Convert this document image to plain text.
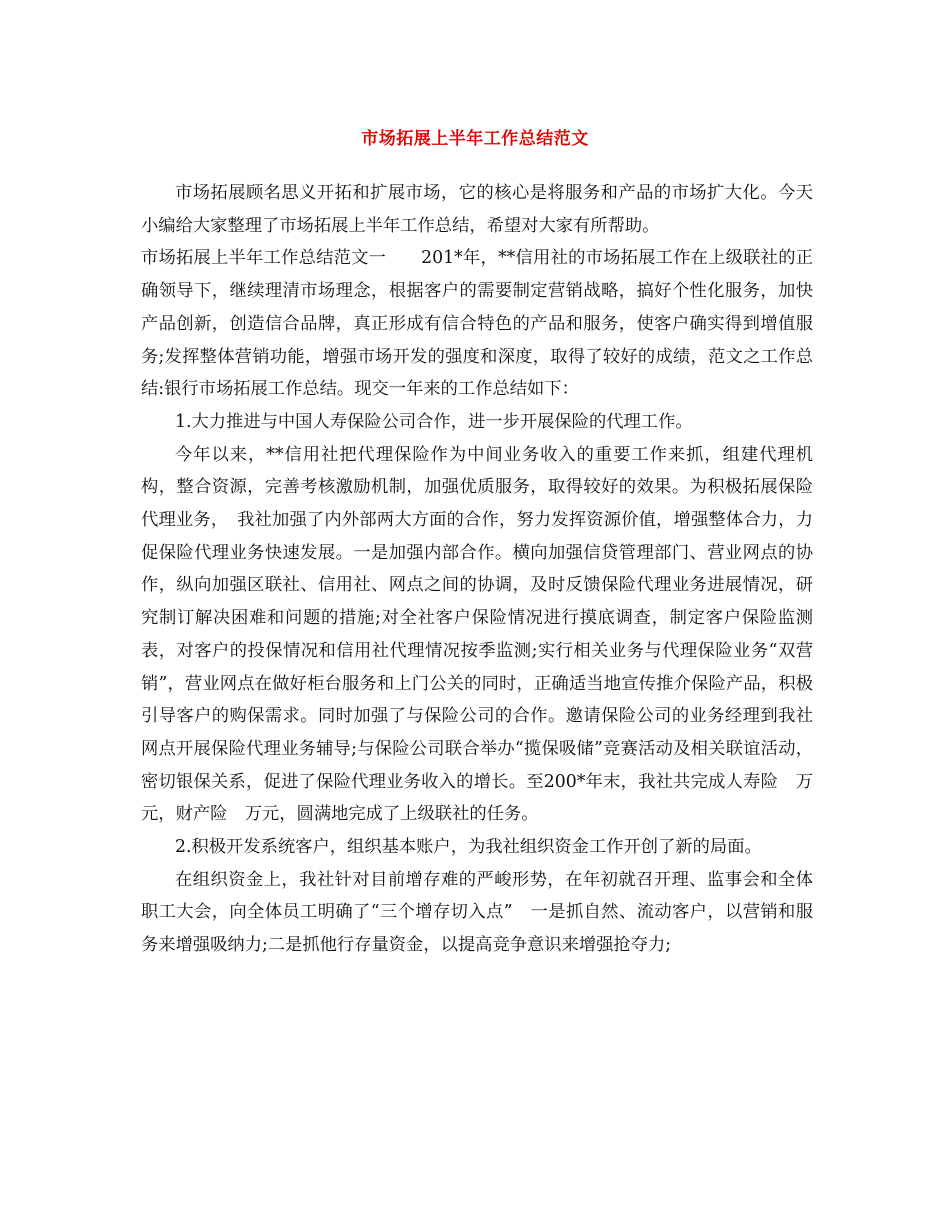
市场拓展上半年工作总结范文

市场拓展顾名思义开拓和扩展市场，它的核心是将服务和产品的市场扩大化。今天小编给大家整理了市场拓展上半年工作总结，希望对大家有所帮助。

市场拓展上半年工作总结范文一　　201*年，**信用社的市场拓展工作在上级联社的正确领导下，继续理清市场理念，根据客户的需要制定营销战略，搞好个性化服务，加快产品创新，创造信合品牌，真正形成有信合特色的产品和服务，使客户确实得到增值服务;发挥整体营销功能，增强市场开发的强度和深度，取得了较好的成绩，范文之工作总结:银行市场拓展工作总结。现交一年来的工作总结如下：

1.大力推进与中国人寿保险公司合作，进一步开展保险的代理工作。

今年以来，**信用社把代理保险作为中间业务收入的重要工作来抓，组建代理机构，整合资源，完善考核激励机制，加强优质服务，取得较好的效果。为积极拓展保险代理业务，　我社加强了内外部两大方面的合作，努力发挥资源价值，增强整体合力，力促保险代理业务快速发展。一是加强内部合作。横向加强信贷管理部门、营业网点的协作，纵向加强区联社、信用社、网点之间的协调，及时反馈保险代理业务进展情况，研究制订解决困难和问题的措施;对全社客户保险情况进行摸底调查，制定客户保险监测表，对客户的投保情况和信用社代理情况按季监测;实行相关业务与代理保险业务“双营销”，营业网点在做好柜台服务和上门公关的同时，正确适当地宣传推介保险产品，积极引导客户的购保需求。同时加强了与保险公司的合作。邀请保险公司的业务经理到我社网点开展保险代理业务辅导;与保险公司联合举办“揽保吸储”竞赛活动及相关联谊活动，密切银保关系，促进了保险代理业务收入的增长。至200*年末，我社共完成人寿险　万元，财产险　万元，圆满地完成了上级联社的任务。

2.积极开发系统客户，组织基本账户，为我社组织资金工作开创了新的局面。

在组织资金上，我社针对目前增存难的严峻形势，在年初就召开理、监事会和全体职工大会，向全体员工明确了“三个增存切入点”　一是抓自然、流动客户，以营销和服务来增强吸纳力;二是抓他行存量资金，以提高竞争意识来增强抢夺力;
